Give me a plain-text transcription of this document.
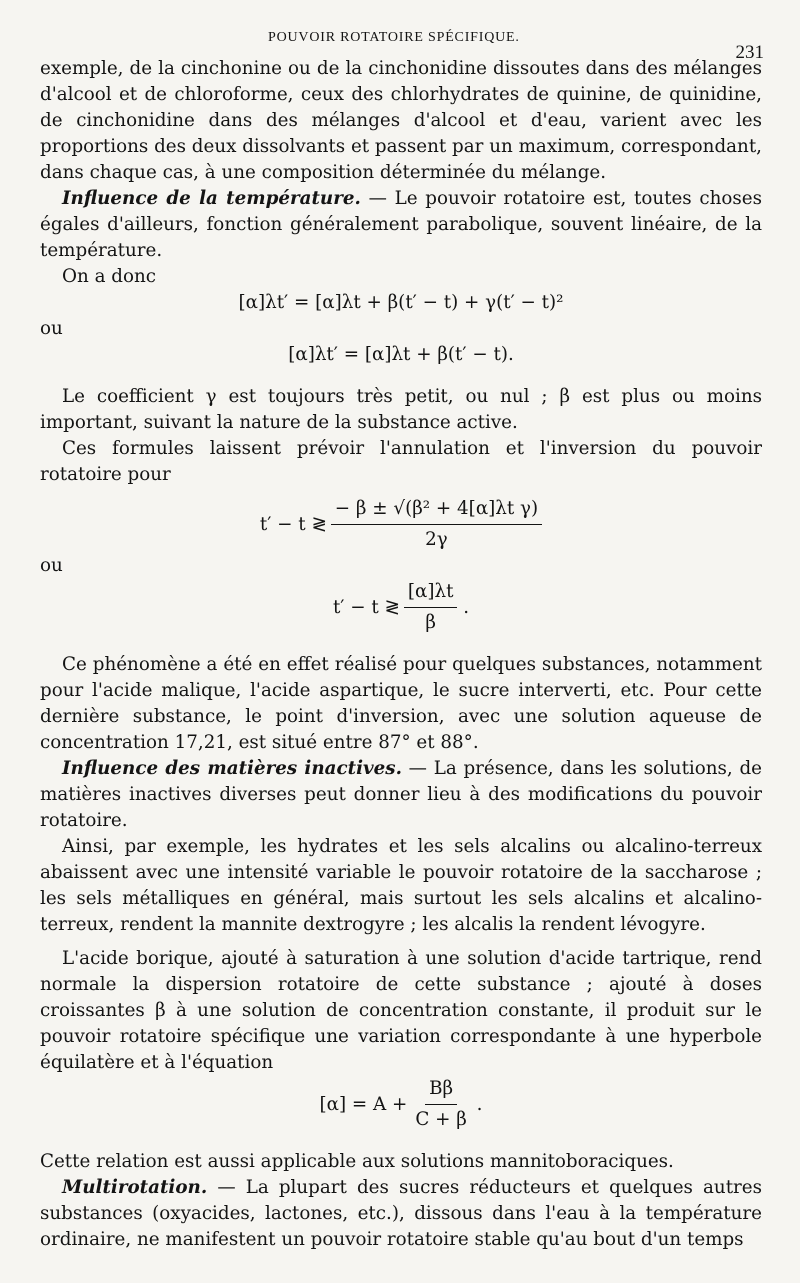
POUVOIR ROTATOIRE SPÉCIFIQUE.
231

exemple, de la cinchonine ou de la cinchonidine dissoutes dans des mélanges d'alcool et de chloroforme, ceux des chlorhydrates de quinine, de quinidine, de cinchonidine dans des mélanges d'alcool et d'eau, varient avec les proportions des deux dissolvants et passent par un maximum, correspondant, dans chaque cas, à une composition déterminée du mélange.

Influence de la température. — Le pouvoir rotatoire est, toutes choses égales d'ailleurs, fonction généralement parabolique, souvent linéaire, de la température.

On a donc

[α]λt′ = [α]λt + β(t′ − t) + γ(t′ − t)²

ou

[α]λt′ = [α]λt + β(t′ − t).

Le coefficient γ est toujours très petit, ou nul ; β est plus ou moins important, suivant la nature de la substance active.

Ces formules laissent prévoir l'annulation et l'inversion du pouvoir rotatoire pour

t′ − t ≷ $\frac{\text{− β ± √(β² + 4[α]λt γ)}}{2\gamma}$

ou

t′ − t ≷ $\frac{[\alpha]\lambda t}{\beta}$ .

Ce phénomène a été en effet réalisé pour quelques substances, notamment pour l'acide malique, l'acide aspartique, le sucre interverti, etc. Pour cette dernière substance, le point d'inversion, avec une solution aqueuse de concentration 17,21, est situé entre 87° et 88°.

Influence des matières inactives. — La présence, dans les solutions, de matières inactives diverses peut donner lieu à des modifications du pouvoir rotatoire.

Ainsi, par exemple, les hydrates et les sels alcalins ou alcalino-terreux abaissent avec une intensité variable le pouvoir rotatoire de la saccharose ; les sels métalliques en général, mais surtout les sels alcalins et alcalino-terreux, rendent la mannite dextrogyre ; les alcalis la rendent lévogyre.

L'acide borique, ajouté à saturation à une solution d'acide tartrique, rend normale la dispersion rotatoire de cette substance ; ajouté à doses croissantes β à une solution de concentration constante, il produit sur le pouvoir rotatoire spécifique une variation correspondante à une hyperbole équilatère et à l'équation

$[\alpha] = A + \frac{B\beta}{C + \beta}$ .

Cette relation est aussi applicable aux solutions mannitoboraciques.

Multirotation. — La plupart des sucres réducteurs et quelques autres substances (oxyacides, lactones, etc.), dissous dans l'eau à la température ordinaire, ne manifestent un pouvoir rotatoire stable qu'au bout d'un temps
